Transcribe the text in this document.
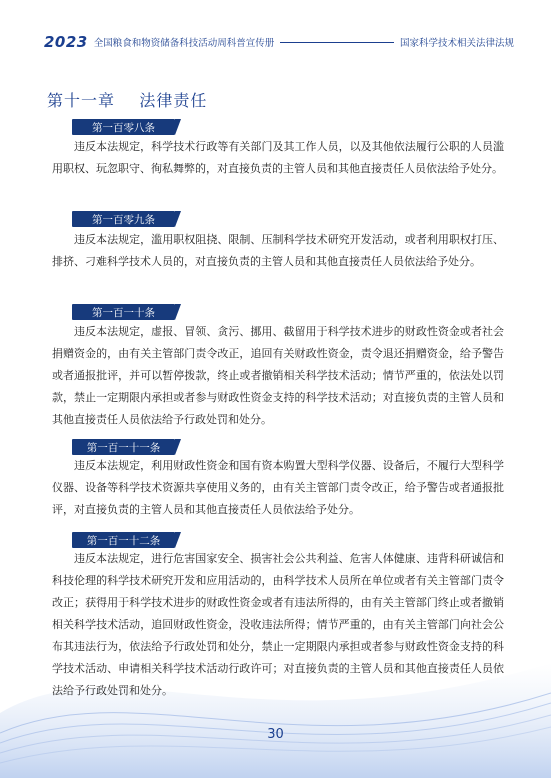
2023 全国粮食和物资储备科技活动周科普宣传册	国家科学技术相关法律法规
第十一章    法律责任
第一百零八条
违反本法规定，科学技术行政等有关部门及其工作人员，以及其他依法履行公职的人员滥用职权、玩忽职守、徇私舞弊的，对直接负责的主管人员和其他直接责任人员依法给予处分。
第一百零九条
违反本法规定，滥用职权阻挠、限制、压制科学技术研究开发活动，或者利用职权打压、排挤、刁难科学技术人员的，对直接负责的主管人员和其他直接责任人员依法给予处分。
第一百一十条
违反本法规定，虚报、冒领、贪污、挪用、截留用于科学技术进步的财政性资金或者社会捐赠资金的，由有关主管部门责令改正，追回有关财政性资金，责令退还捐赠资金，给予警告或者通报批评，并可以暂停拨款，终止或者撤销相关科学技术活动；情节严重的，依法处以罚款，禁止一定期限内承担或者参与财政性资金支持的科学技术活动；对直接负责的主管人员和其他直接责任人员依法给予行政处罚和处分。
第一百一十一条
违反本法规定，利用财政性资金和国有资本购置大型科学仪器、设备后，不履行大型科学仪器、设备等科学技术资源共享使用义务的，由有关主管部门责令改正，给予警告或者通报批评，对直接负责的主管人员和其他直接责任人员依法给予处分。
第一百一十二条
违反本法规定，进行危害国家安全、损害社会公共利益、危害人体健康、违背科研诚信和科技伦理的科学技术研究开发和应用活动的，由科学技术人员所在单位或者有关主管部门责令改正；获得用于科学技术进步的财政性资金或者有违法所得的，由有关主管部门终止或者撤销相关科学技术活动，追回财政性资金，没收违法所得；情节严重的，由有关主管部门向社会公布其违法行为，依法给予行政处罚和处分，禁止一定期限内承担或者参与财政性资金支持的科学技术活动、申请相关科学技术活动行政许可；对直接负责的主管人员和其他直接责任人员依法给予行政处罚和处分。
30
